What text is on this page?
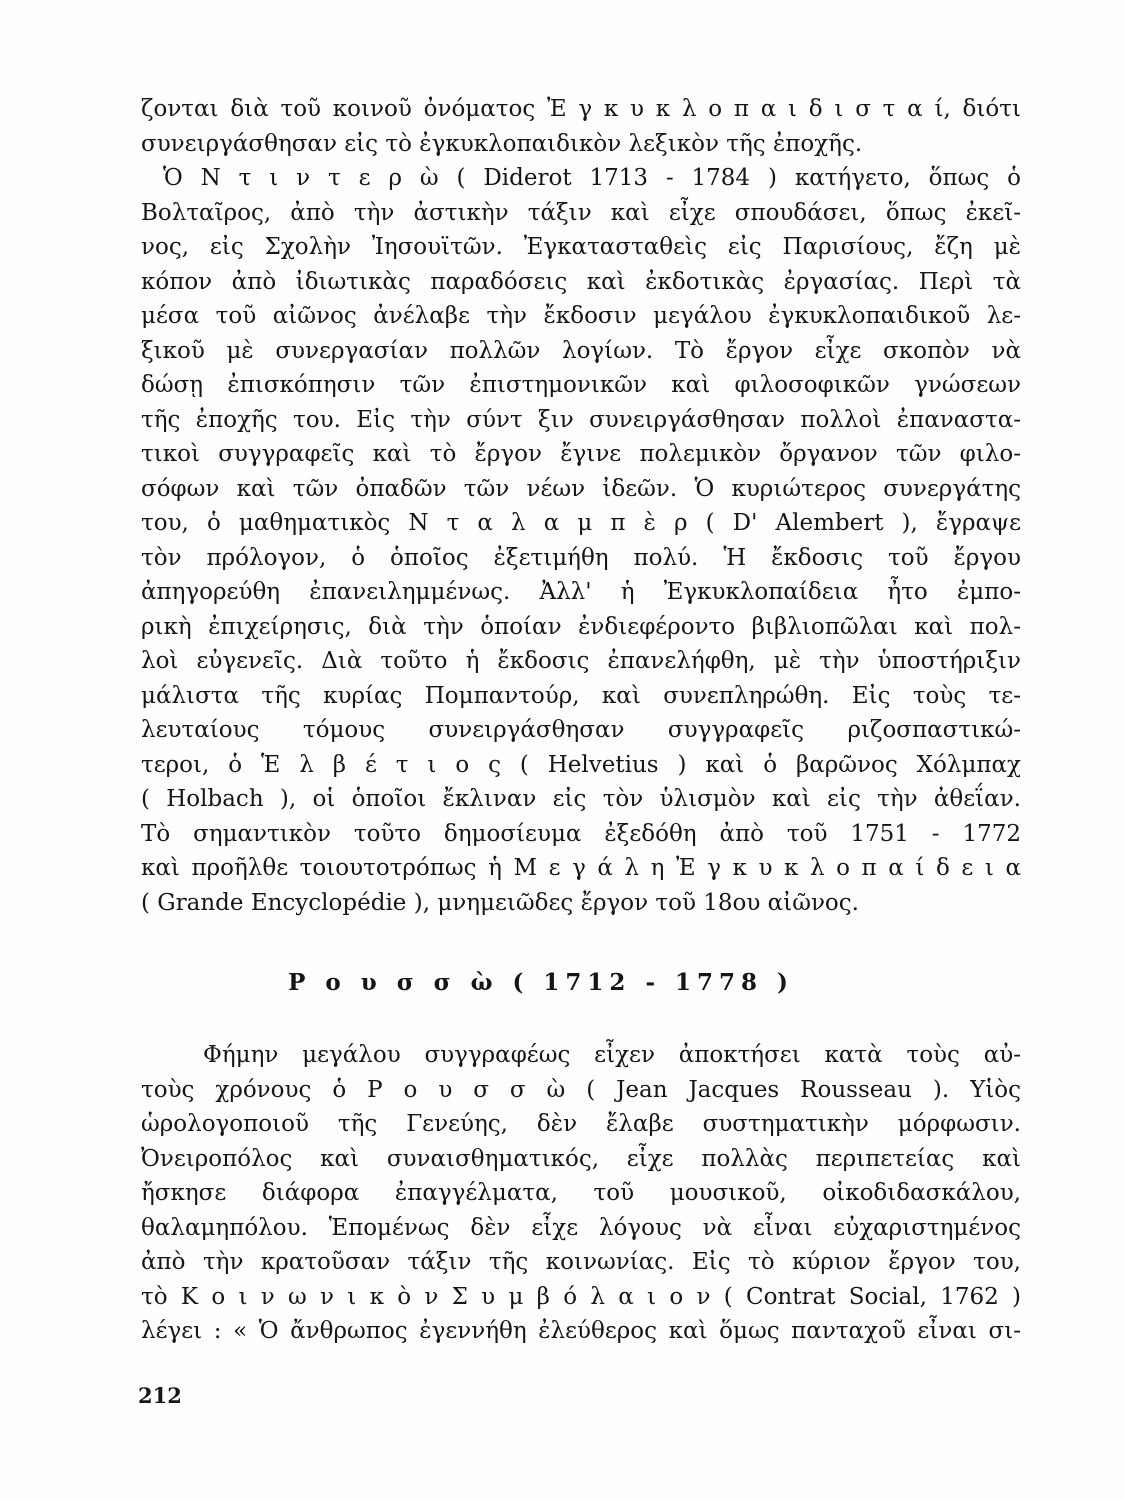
ζονται διὰ τοῦ κοινοῦ ὀνόματος Ἐ γ κ υ κ λ ο π α ι δ ι σ τ α ί, διότι
συνειργάσθησαν εἰς τὸ ἐγκυκλοπαιδικὸν λεξικὸν τῆς ἐποχῆς.
Ὁ Ν τ ι ν τ ε ρ ὼ ( Diderot 1713 - 1784 ) κατήγετο, ὅπως ὁ
Βολταῖρος, ἀπὸ τὴν ἀστικὴν τάξιν καὶ εἶχε σπουδάσει, ὅπως ἐκεῖ-
νος, εἰς Σχολὴν Ἰησουϊτῶν. Ἐγκατασταθεὶς εἰς Παρισίους, ἔζη μὲ
κόπον ἀπὸ ἰδιωτικὰς παραδόσεις καὶ ἐκδοτικὰς ἐργασίας. Περὶ τὰ
μέσα τοῦ αἰῶνος ἀνέλαβε τὴν ἔκδοσιν μεγάλου ἐγκυκλοπαιδικοῦ λε-
ξικοῦ μὲ συνεργασίαν πολλῶν λογίων. Τὸ ἔργον εἶχε σκοπὸν νὰ
δώσῃ ἐπισκόπησιν τῶν ἐπιστημονικῶν καὶ φιλοσοφικῶν γνώσεων
τῆς ἐποχῆς του. Εἰς τὴν σύντ ξιν συνειργάσθησαν πολλοὶ ἐπαναστα-
τικοὶ συγγραφεῖς καὶ τὸ ἔργον ἔγινε πολεμικὸν ὄργανον τῶν φιλο-
σόφων καὶ τῶν ὀπαδῶν τῶν νέων ἰδεῶν. Ὁ κυριώτερος συνεργάτης
του, ὁ μαθηματικὸς Ν τ α λ α μ π ὲ ρ ( D' Alembert ), ἔγραψε
τὸν πρόλογον, ὁ ὁποῖος ἐξετιμήθη πολύ. Ἡ ἔκδοσις τοῦ ἔργου
ἀπηγορεύθη ἐπανειλημμένως. Ἀλλ' ἡ Ἐγκυκλοπαίδεια ἦτο ἐμπο-
ρικὴ ἐπιχείρησις, διὰ τὴν ὁποίαν ἐνδιεφέροντο βιβλιοπῶλαι καὶ πολ-
λοὶ εὐγενεῖς. Διὰ τοῦτο ἡ ἔκδοσις ἐπανελήφθη, μὲ τὴν ὑποστήριξιν
μάλιστα τῆς κυρίας Πομπαντούρ, καὶ συνεπληρώθη. Εἰς τοὺς τε-
λευταίους τόμους συνειργάσθησαν συγγραφεῖς ριζοσπαστικώ-
τεροι, ὁ Ἑ λ β έ τ ι ο ς ( Helvetius ) καὶ ὁ βαρῶνος Χόλμπαχ
( Holbach ), οἱ ὁποῖοι ἔκλιναν εἰς τὸν ὑλισμὸν καὶ εἰς τὴν ἀθεΐαν.
Τὸ σημαντικὸν τοῦτο δημοσίευμα ἐξεδόθη ἀπὸ τοῦ 1751 - 1772
καὶ προῆλθε τοιουτοτρόπως ἡ Μ ε γ ά λ η Ἐ γ κ υ κ λ ο π α ί δ ε ι α
( Grande Encyclopédie ), μνημειῶδες ἔργον τοῦ 18ου αἰῶνος.
Ρ ο υ σ σ ὼ ( 1712 - 1778 )
Φήμην μεγάλου συγγραφέως εἶχεν ἀποκτήσει κατὰ τοὺς αὐ-
τοὺς χρόνους ὁ Ρ ο υ σ σ ὼ ( Jean Jacques Rousseau ). Υἱὸς
ὡρολογοποιοῦ τῆς Γενεύης, δὲν ἔλαβε συστηματικὴν μόρφωσιν.
Ὀνειροπόλος καὶ συναισθηματικός, εἶχε πολλὰς περιπετείας καὶ
ἤσκησε διάφορα ἐπαγγέλματα, τοῦ μουσικοῦ, οἰκοδιδασκάλου,
θαλαμηπόλου. Ἑπομένως δὲν εἶχε λόγους νὰ εἶναι εὐχαριστημένος
ἀπὸ τὴν κρατοῦσαν τάξιν τῆς κοινωνίας. Εἰς τὸ κύριον ἔργον του,
τὸ Κ ο ι ν ω ν ι κ ὸ ν Σ υ μ β ό λ α ι ο ν ( Contrat Social, 1762 )
λέγει : « Ὁ ἄνθρωπος ἐγεννήθη ἐλεύθερος καὶ ὅμως πανταχοῦ εἶναι σι-
212
